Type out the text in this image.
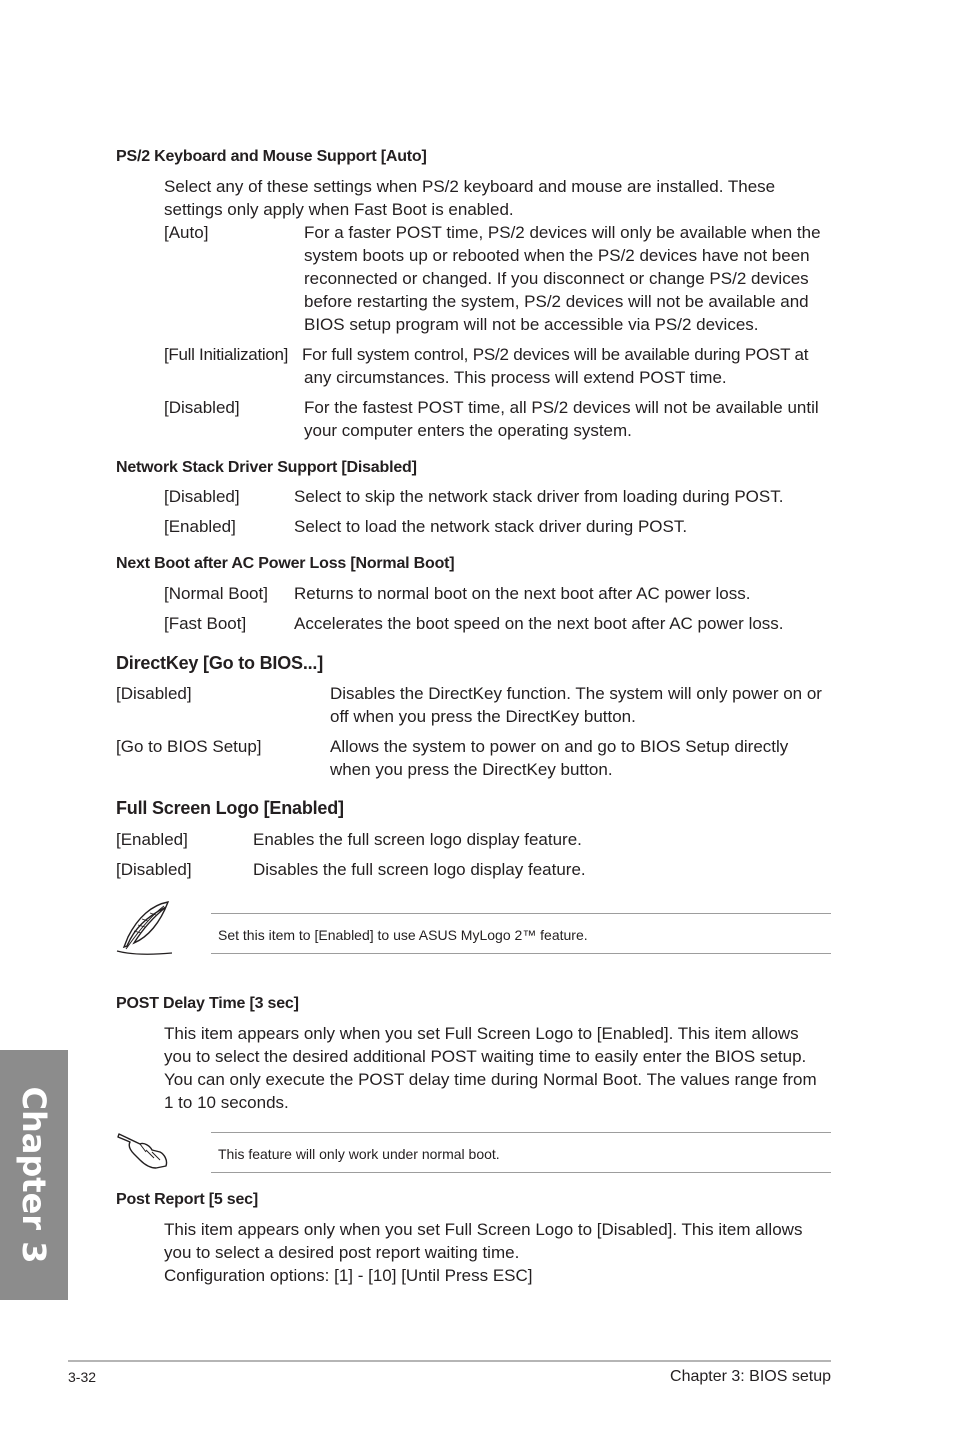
PS/2 Keyboard and Mouse Support [Auto]
Select any of these settings when PS/2 keyboard and mouse are installed. These
settings only apply when Fast Boot is enabled.
[Auto]	For a faster POST time, PS/2 devices will only be available when the
system boots up or rebooted when the PS/2 devices have not been
reconnected or changed. If you disconnect or change PS/2 devices
before restarting the system, PS/2 devices will not be available and
BIOS setup program will not be accessible via PS/2 devices.
[Full Initialization] For full system control, PS/2 devices will be available during POST at
any circumstances. This process will extend POST time.
[Disabled]	For the fastest POST time, all PS/2 devices will not be available until
your computer enters the operating system.
Network Stack Driver Support [Disabled]
[Disabled]	Select to skip the network stack driver from loading during POST.
[Enabled]	Select to load the network stack driver during POST.
Next Boot after AC Power Loss [Normal Boot]
[Normal Boot] Returns to normal boot on the next boot after AC power loss.
[Fast Boot]	Accelerates the boot speed on the next boot after AC power loss.
DirectKey [Go to BIOS...]
[Disabled]	Disables the DirectKey function. The system will only power on or
off when you press the DirectKey button.
[Go to BIOS Setup]	Allows the system to power on and go to BIOS Setup directly
when you press the DirectKey button.
Full Screen Logo [Enabled]
[Enabled]	Enables the full screen logo display feature.
[Disabled]	Disables the full screen logo display feature.
Set this item to [Enabled] to use ASUS MyLogo 2™ feature.
POST Delay Time [3 sec]
This item appears only when you set Full Screen Logo to [Enabled]. This item allows
you to select the desired additional POST waiting time to easily enter the BIOS setup.
You can only execute the POST delay time during Normal Boot. The values range from
1 to 10 seconds.
This feature will only work under normal boot.
Post Report [5 sec]
This item appears only when you set Full Screen Logo to [Disabled]. This item allows
you to select a desired post report waiting time.
Configuration options: [1] - [10] [Until Press ESC]
Chapter 3
3-32	Chapter 3: BIOS setup
